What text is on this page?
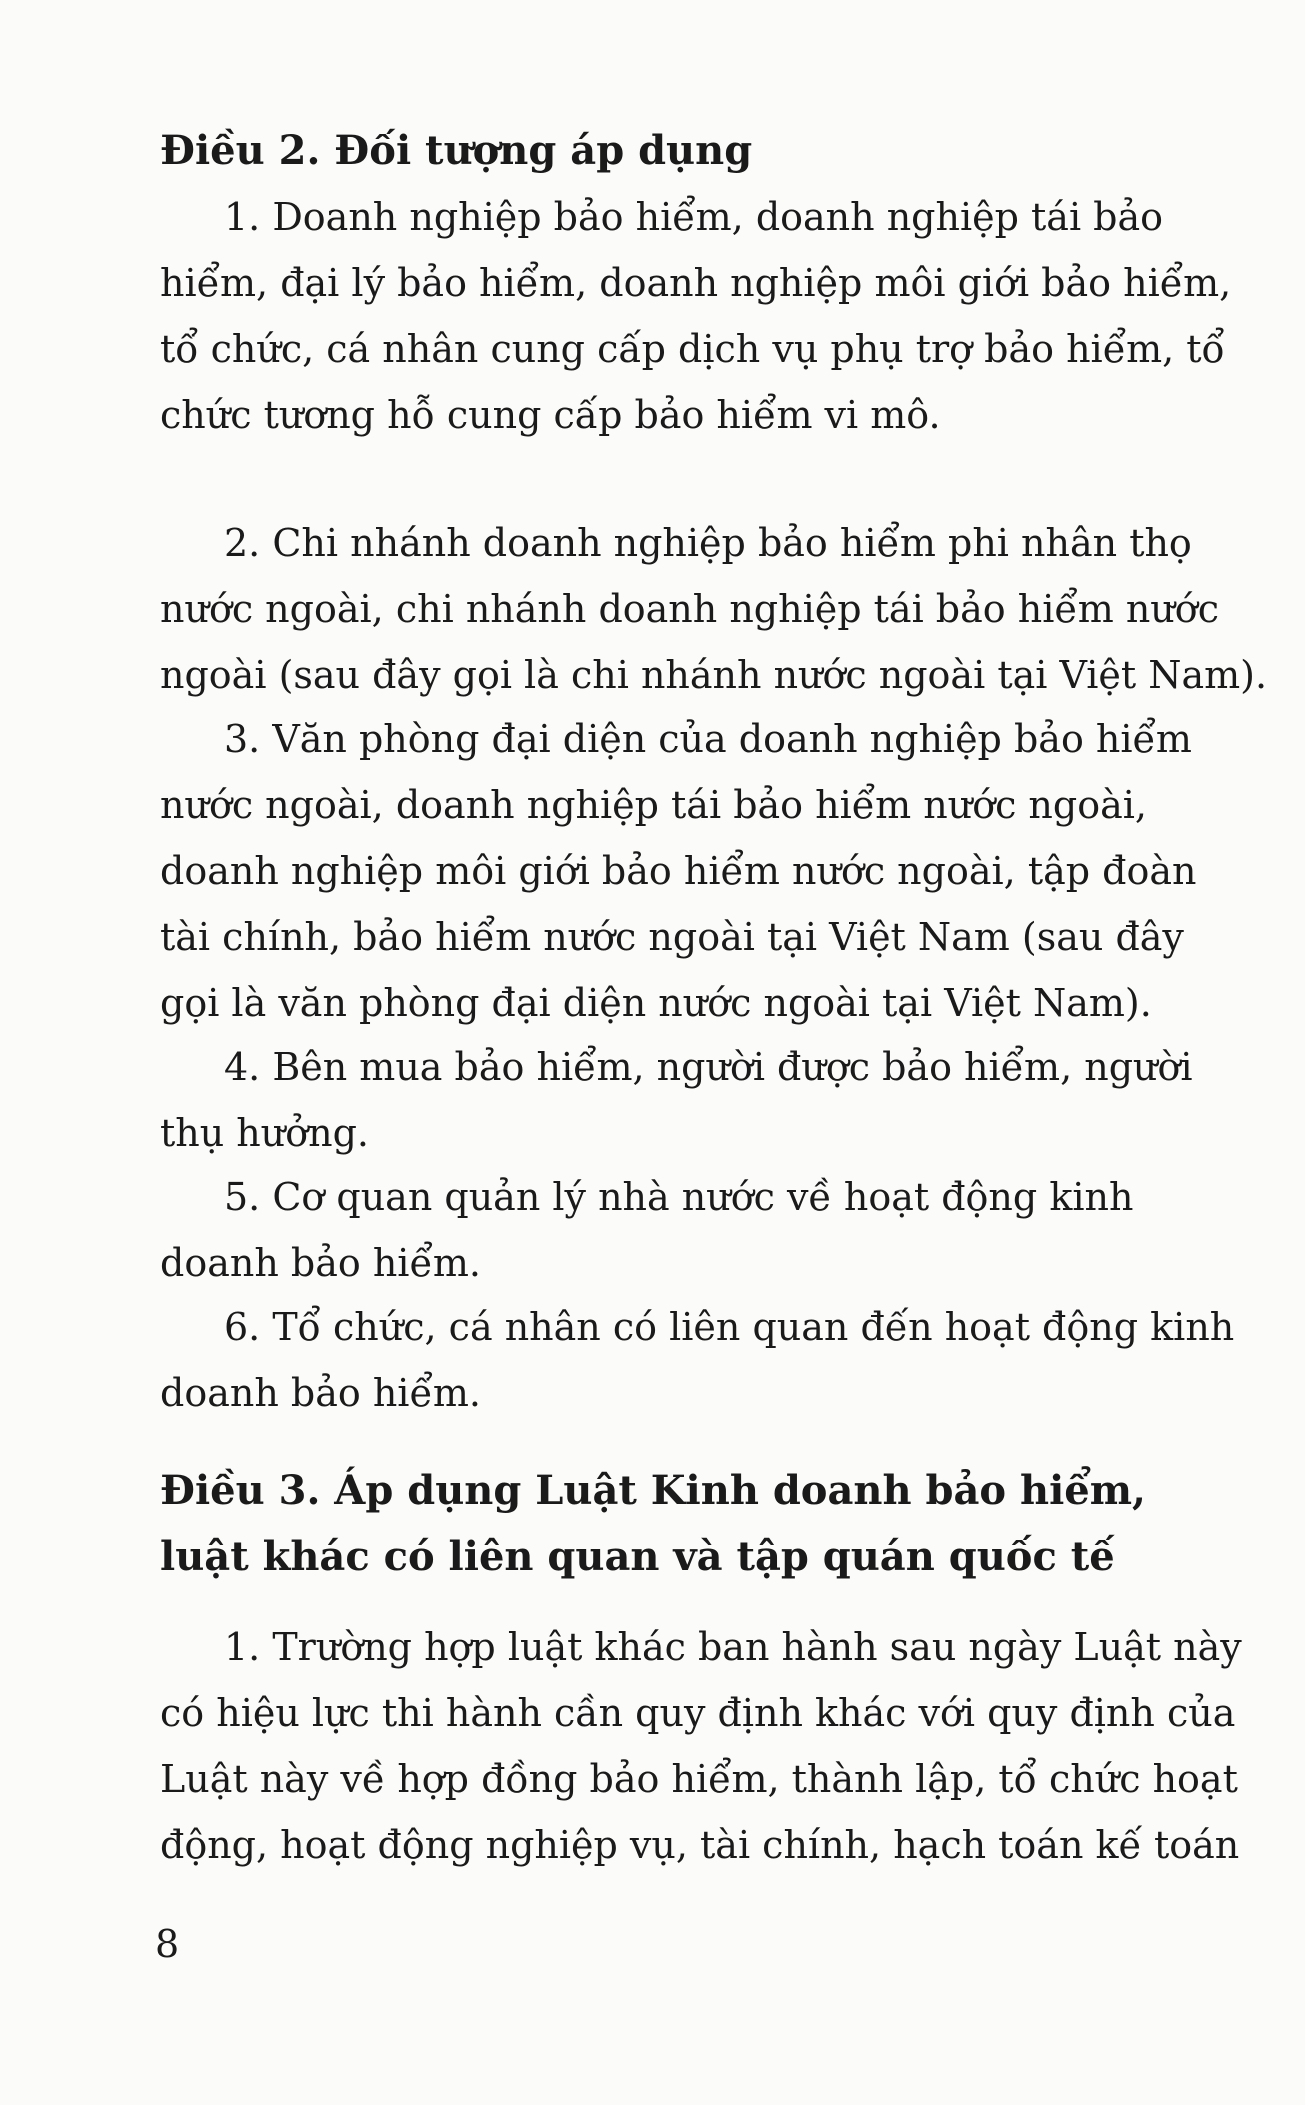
Điều 2. Đối tượng áp dụng
1. Doanh nghiệp bảo hiểm, doanh nghiệp tái bảo
hiểm, đại lý bảo hiểm, doanh nghiệp môi giới bảo hiểm,
tổ chức, cá nhân cung cấp dịch vụ phụ trợ bảo hiểm, tổ
chức tương hỗ cung cấp bảo hiểm vi mô.
2. Chi nhánh doanh nghiệp bảo hiểm phi nhân thọ
nước ngoài, chi nhánh doanh nghiệp tái bảo hiểm nước
ngoài (sau đây gọi là chi nhánh nước ngoài tại Việt Nam).
3. Văn phòng đại diện của doanh nghiệp bảo hiểm
nước ngoài, doanh nghiệp tái bảo hiểm nước ngoài,
doanh nghiệp môi giới bảo hiểm nước ngoài, tập đoàn
tài chính, bảo hiểm nước ngoài tại Việt Nam (sau đây
gọi là văn phòng đại diện nước ngoài tại Việt Nam).
4. Bên mua bảo hiểm, người được bảo hiểm, người
thụ hưởng.
5. Cơ quan quản lý nhà nước về hoạt động kinh
doanh bảo hiểm.
6. Tổ chức, cá nhân có liên quan đến hoạt động kinh
doanh bảo hiểm.
Điều 3. Áp dụng Luật Kinh doanh bảo hiểm,
luật khác có liên quan và tập quán quốc tế
1. Trường hợp luật khác ban hành sau ngày Luật này
có hiệu lực thi hành cần quy định khác với quy định của
Luật này về hợp đồng bảo hiểm, thành lập, tổ chức hoạt
động, hoạt động nghiệp vụ, tài chính, hạch toán kế toán
8
